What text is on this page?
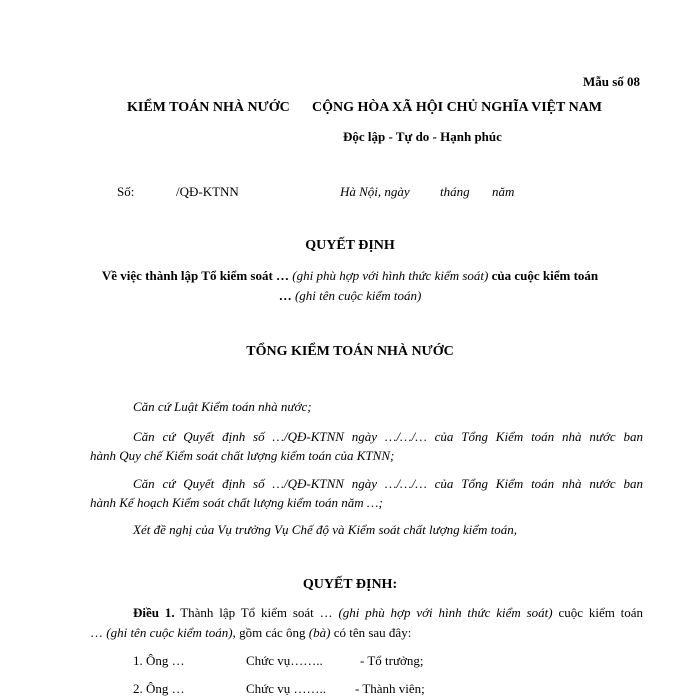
Mẫu số 08
KIỂM TOÁN NHÀ NƯỚC CỘNG HÒA XÃ HỘI CHỦ NGHĨA VIỆT NAM
Độc lập - Tự do - Hạnh phúc
Số:	/QĐ-KTNN	Hà Nội, ngày tháng năm
QUYẾT ĐỊNH
Về việc thành lập Tổ kiểm soát … (ghi phù hợp với hình thức kiểm soát) của cuộc kiểm toán
… (ghi tên cuộc kiểm toán)
TỔNG KIỂM TOÁN NHÀ NƯỚC
Căn cứ Luật Kiểm toán nhà nước;
Căn cứ Quyết định số …/QĐ-KTNN ngày …/…/… của Tổng Kiểm toán nhà nước ban
hành Quy chế Kiểm soát chất lượng kiểm toán của KTNN;
Căn cứ Quyết định số …/QĐ-KTNN ngày …/…/… của Tổng Kiểm toán nhà nước ban
hành Kế hoạch Kiểm soát chất lượng kiểm toán năm …;
Xét đề nghị của Vụ trưởng Vụ Chế độ và Kiểm soát chất lượng kiểm toán,
QUYẾT ĐỊNH:
Điều 1. Thành lập Tổ kiểm soát … (ghi phù hợp với hình thức kiểm soát) cuộc kiểm toán
… (ghi tên cuộc kiểm toán), gồm các ông (bà) có tên sau đây:
1. Ông …	Chức vụ……..	- Tổ trưởng;
2. Ông …	Chức vụ …….. - Thành viên;
